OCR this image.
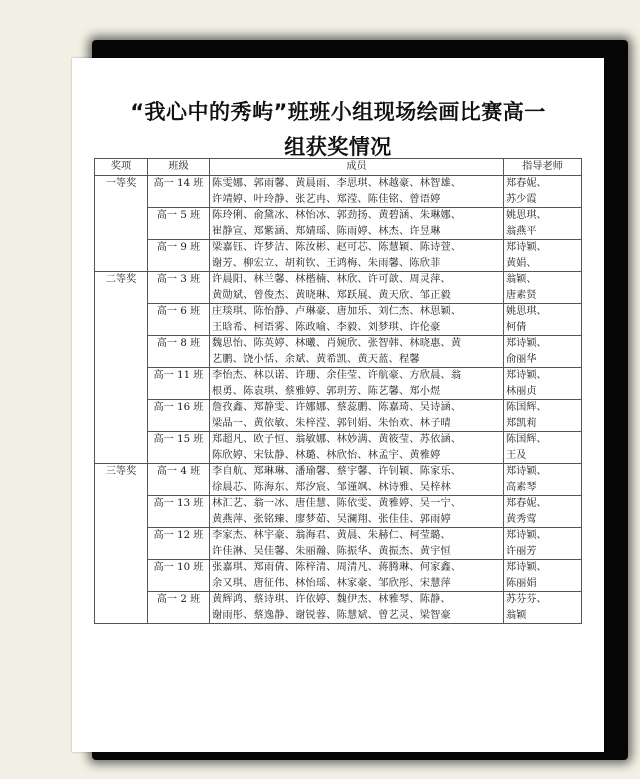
“我心中的秀屿”班班小组现场绘画比赛高一
组获奖情况
奖项	班级	成员	指导老师
一等奖	高一 14 班	陈雯娜、郭雨馨、黄晨雨、李思琪、林越豪、林智雄、
许靖婷、叶玲静、张艺冉、郑滢、陈佳铭、曾语婷	郑春妮、
苏少霞

	高一 5 班	陈玲俐、俞黛冰、林怡冰、郭劲扬、黄碧涵、朱琳娜、
崔静宣、郑紫涵、郑婧瑶、陈雨婷、林杰、许昱琳	姚思琪、
翁燕平

	高一 9 班	梁嘉钰、许梦洁、陈汝彬、赵可芯、陈慧颖、陈诗萱、
谢芳、柳宏立、胡莉钦、王鸿梅、朱雨馨、陈欣菲	郑诗颖、
黄娟、

二等奖	高一 3 班	许晨阳、林兰馨、林楷楠、林欣、许可歆、周灵萍、
黄勋斌、曾俊杰、黄晓琳、郑跃展、黄天欣、邹正毅	翁颖、
唐素贤

	高一 6 班	庄琰琪、陈怡静、卢琳豪、唐加乐、刘仁杰、林思颖、
王晗希、柯语雾、陈政喻、李毅、刘梦琪、许伦豪	姚思琪、
柯倩

	高一 8 班	魏思怡、陈英婷、林曦、肖婉欣、张智韩、林晓惠、黄
艺鹏、饶小恬、余斌、黄希凯、黄天蓝、程馨	郑诗颖、
俞丽华

	高一 11 班	李怡杰、林以诺、许珊、余佳莹、许航豪、方欣晨、翁
根勇、陈袁琪、蔡雅婷、郭玥芳、陈艺馨、郑小煜	郑诗颖、
林丽贞

	高一 16 班	詹孜鑫、郑静雯、许娜娜、蔡蕊鹏、陈嘉琦、吴诗涵、
梁晶一、黄依敏、朱梓滢、郭钊娟、朱怡欢、林子晴	陈国辉、
郑凯莉

	高一 15 班	郑超凡、欧子恒、翁敏娜、林妙满、黄筱莹、苏依涵、
陈欣婷、宋钛静、林璐、林欣怡、林孟宇、黄雅婷	陈国辉、
王及

三等奖	高一 4 班	李自航、郑琳琳、潘瑜馨、蔡宇馨、许钊颖、陈家乐、
徐晨芯、陈海东、郑汐宸、邹谨飒、林诗雅、吴梓林	郑诗颖、
高素琴

	高一 13 班	林汇艺、翁一冰、唐佳慧、陈依雯、黄雅婷、吴一宁、
黄燕萍、张铭臻、廖梦茹、吴澜翔、张佳佳、郭雨婷	郑春妮、
黄秀莺

	高一 12 班	李家杰、林宇豪、翁海君、黄晨、朱赫仁、柯莹璐、
许佳淋、吴佳馨、朱丽瀚、陈振华、黄振杰、黄宇恒	郑诗颖、
许丽芳

	高一 10 班	张嘉琪、郑雨倩、陈梓清、周清凡、蒋腾琳、何家鑫、
余又琪、唐征伟、林怡瑶、林家豪、邹欣彤、宋慧萍	郑诗颖、
陈丽娟

	高一 2 班	黄辉鸿、蔡诗琪、许依婷、魏伊杰、林雅琴、陈静、
谢雨彤、蔡逸静、谢锐蓉、陈慧斌、曾艺灵、梁智豪	苏芬芬、
翁颖
